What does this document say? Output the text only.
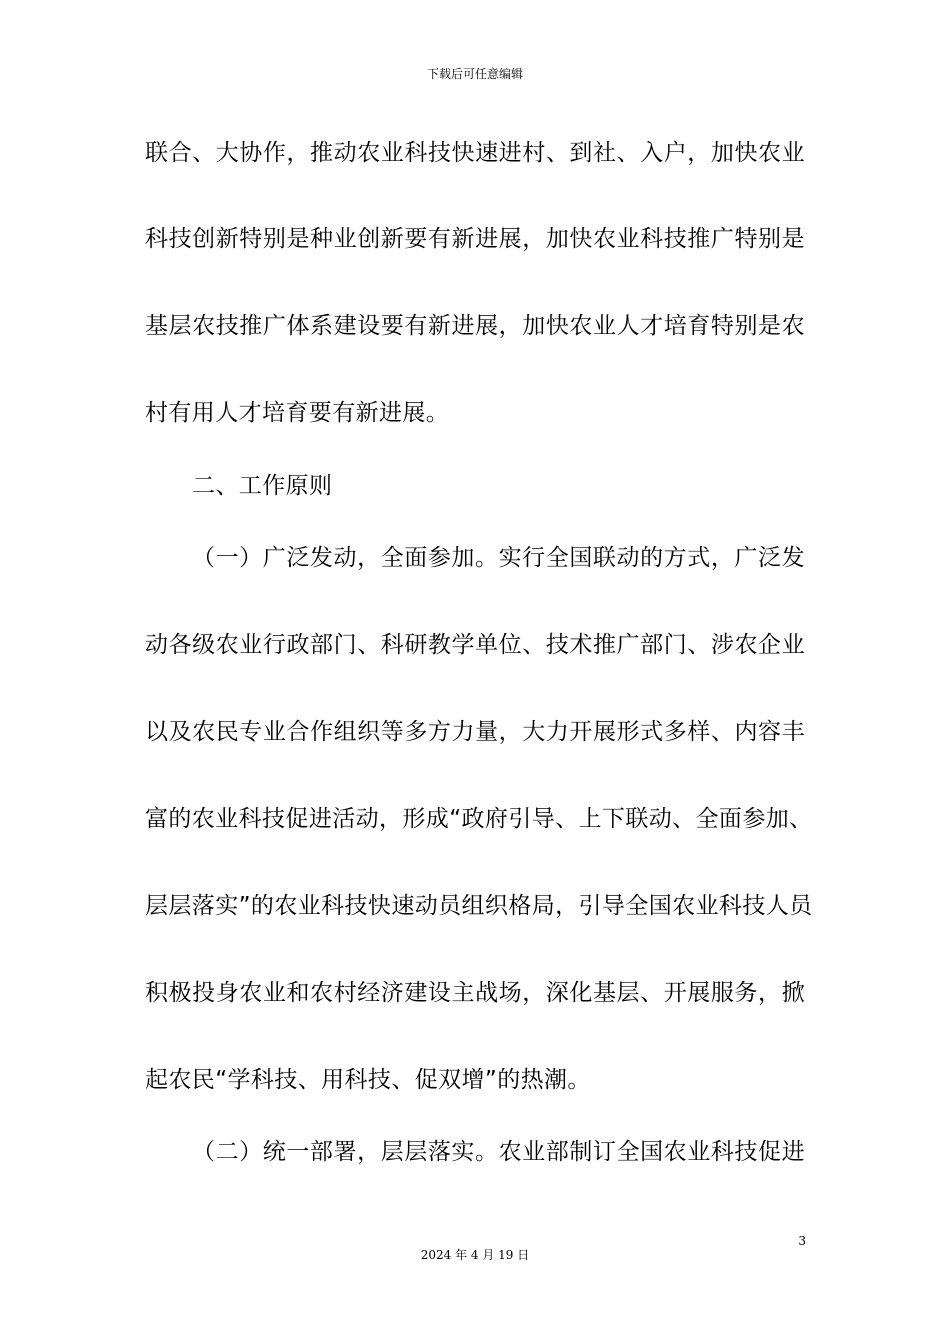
下载后可任意编辑
联合、大协作，推动农业科技快速进村、到社、入户，加快农业
科技创新特别是种业创新要有新进展，加快农业科技推广特别是
基层农技推广体系建设要有新进展，加快农业人才培育特别是农
村有用人才培育要有新进展。
二、工作原则
（一）广泛发动，全面参加。实行全国联动的方式，广泛发
动各级农业行政部门、科研教学单位、技术推广部门、涉农企业
以及农民专业合作组织等多方力量，大力开展形式多样、内容丰
富的农业科技促进活动，形成“政府引导、上下联动、全面参加、
层层落实”的农业科技快速动员组织格局，引导全国农业科技人员
积极投身农业和农村经济建设主战场，深化基层、开展服务，掀
起农民“学科技、用科技、促双增”的热潮。
（二）统一部署，层层落实。农业部制订全国农业科技促进
3
2024 年 4 月 19 日
